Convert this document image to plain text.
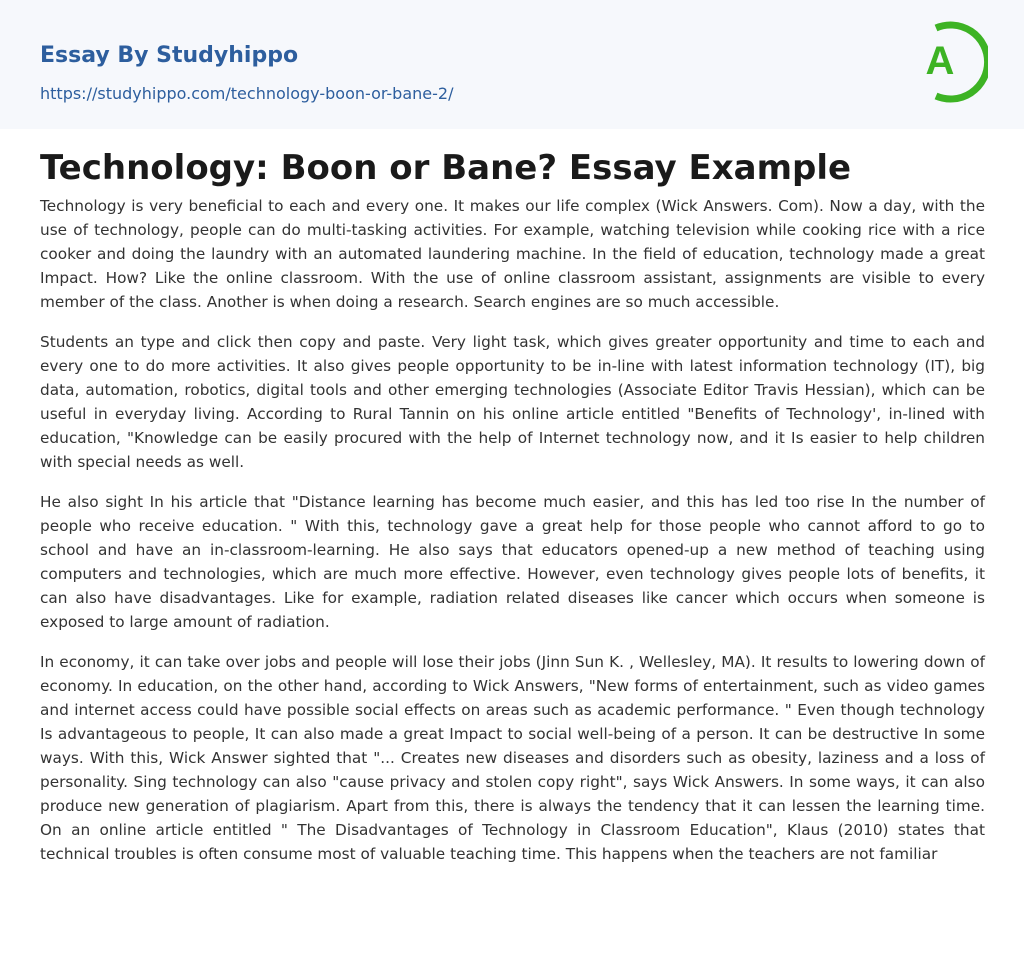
Essay By Studyhippo
https://studyhippo.com/technology-boon-or-bane-2/
A
Technology: Boon or Bane? Essay Example

Technology is very beneficial to each and every one. It makes our life complex (Wick Answers. Com). Now a day, with the use of technology, people can do multi-tasking activities. For example, watching television while cooking rice with a rice cooker and doing the laundry with an automated laundering machine. In the field of education, technology made a great Impact. How? Like the online classroom. With the use of online classroom assistant, assignments are visible to every member of the class. Another is when doing a research. Search engines are so much accessible.

Students an type and click then copy and paste. Very light task, which gives greater opportunity and time to each and every one to do more activities. It also gives people opportunity to be in-line with latest information technology (IT), big data, automation, robotics, digital tools and other emerging technologies (Associate Editor Travis Hessian), which can be useful in everyday living. According to Rural Tannin on his online article entitled "Benefits of Technology', in-lined with education, "Knowledge can be easily procured with the help of Internet technology now, and it Is easier to help children with special needs as well.

He also sight In his article that "Distance learning has become much easier, and this has led too rise In the number of people who receive education. " With this, technology gave a great help for those people who cannot afford to go to school and have an in-classroom-learning. He also says that educators opened-up a new method of teaching using computers and technologies, which are much more effective. However, even technology gives people lots of benefits, it can also have disadvantages. Like for example, radiation related diseases like cancer which occurs when someone is exposed to large amount of radiation.

In economy, it can take over jobs and people will lose their jobs (Jinn Sun K. , Wellesley, MA). It results to lowering down of economy. In education, on the other hand, according to Wick Answers, "New forms of entertainment, such as video games and internet access could have possible social effects on areas such as academic performance. " Even though technology Is advantageous to people, It can also made a great Impact to social well-being of a person. It can be destructive In some ways. With this, Wick Answer sighted that "... Creates new diseases and disorders such as obesity, laziness and a loss of personality. Sing technology can also "cause privacy and stolen copy right", says Wick Answers. In some ways, it can also produce new generation of plagiarism. Apart from this, there is always the tendency that it can lessen the learning time. On an online article entitled " The Disadvantages of Technology in Classroom Education", Klaus (2010) states that technical troubles is often consume most of valuable teaching time. This happens when the teachers are not familiar
